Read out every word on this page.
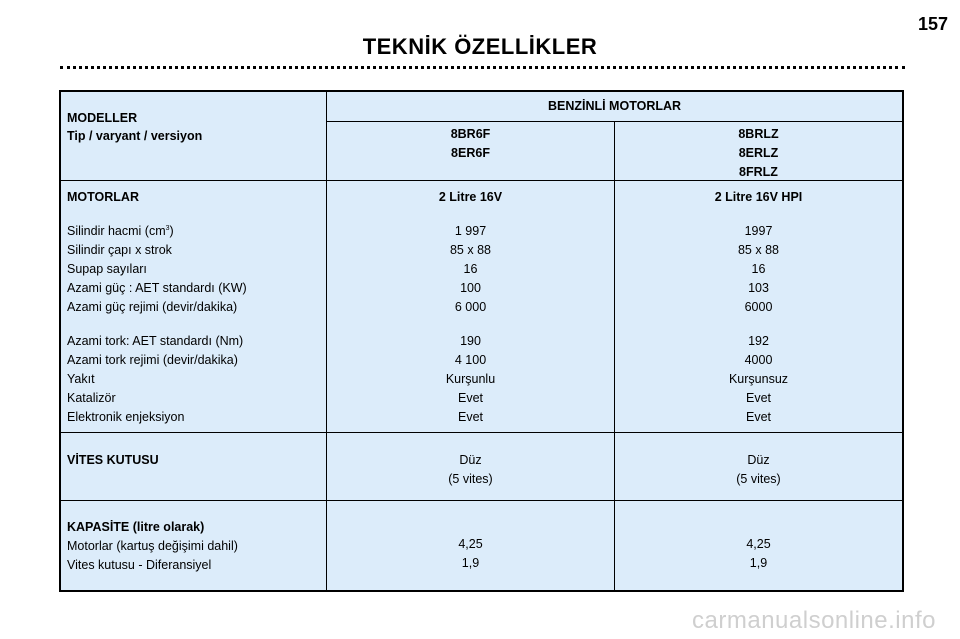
157
TEKNİK ÖZELLİKLER
BENZİNLİ MOTORLAR
MODELLER
Tip / varyant / versiyon	8BR6F
8ER6F
8BRLZ
8ERLZ
8FRLZ
MOTORLAR
Silindir hacmi $(cm^3)$
Silindir çapı x strok
Supap sayıları
Azami güç : AET standardı (KW)
Azami güç rejimi (devir/dakika)
Azami tork: AET standardı (Nm)
Azami tork rejimi (devir/dakika)
Yakıt
Katalizör
Elektronik enjeksiyon
2 Litre 16V
1 997
85 x 88
16
100
6 000
190
4 100
Kurşunlu
Evet
Evet
2 Litre 16V HPI
1997
85 x 88
16
103
6000
192
4000
Kurşunsuz
Evet
Evet
VİTES KUTUSU	Düz
(5 vites)
Düz
(5 vites)
KAPASİTE (litre olarak)
Motorlar (kartuş değişimi dahil)
Vites kutusu - Diferansiyel
4,25
1,9
4,25
1,9
carmanualsonline.info
